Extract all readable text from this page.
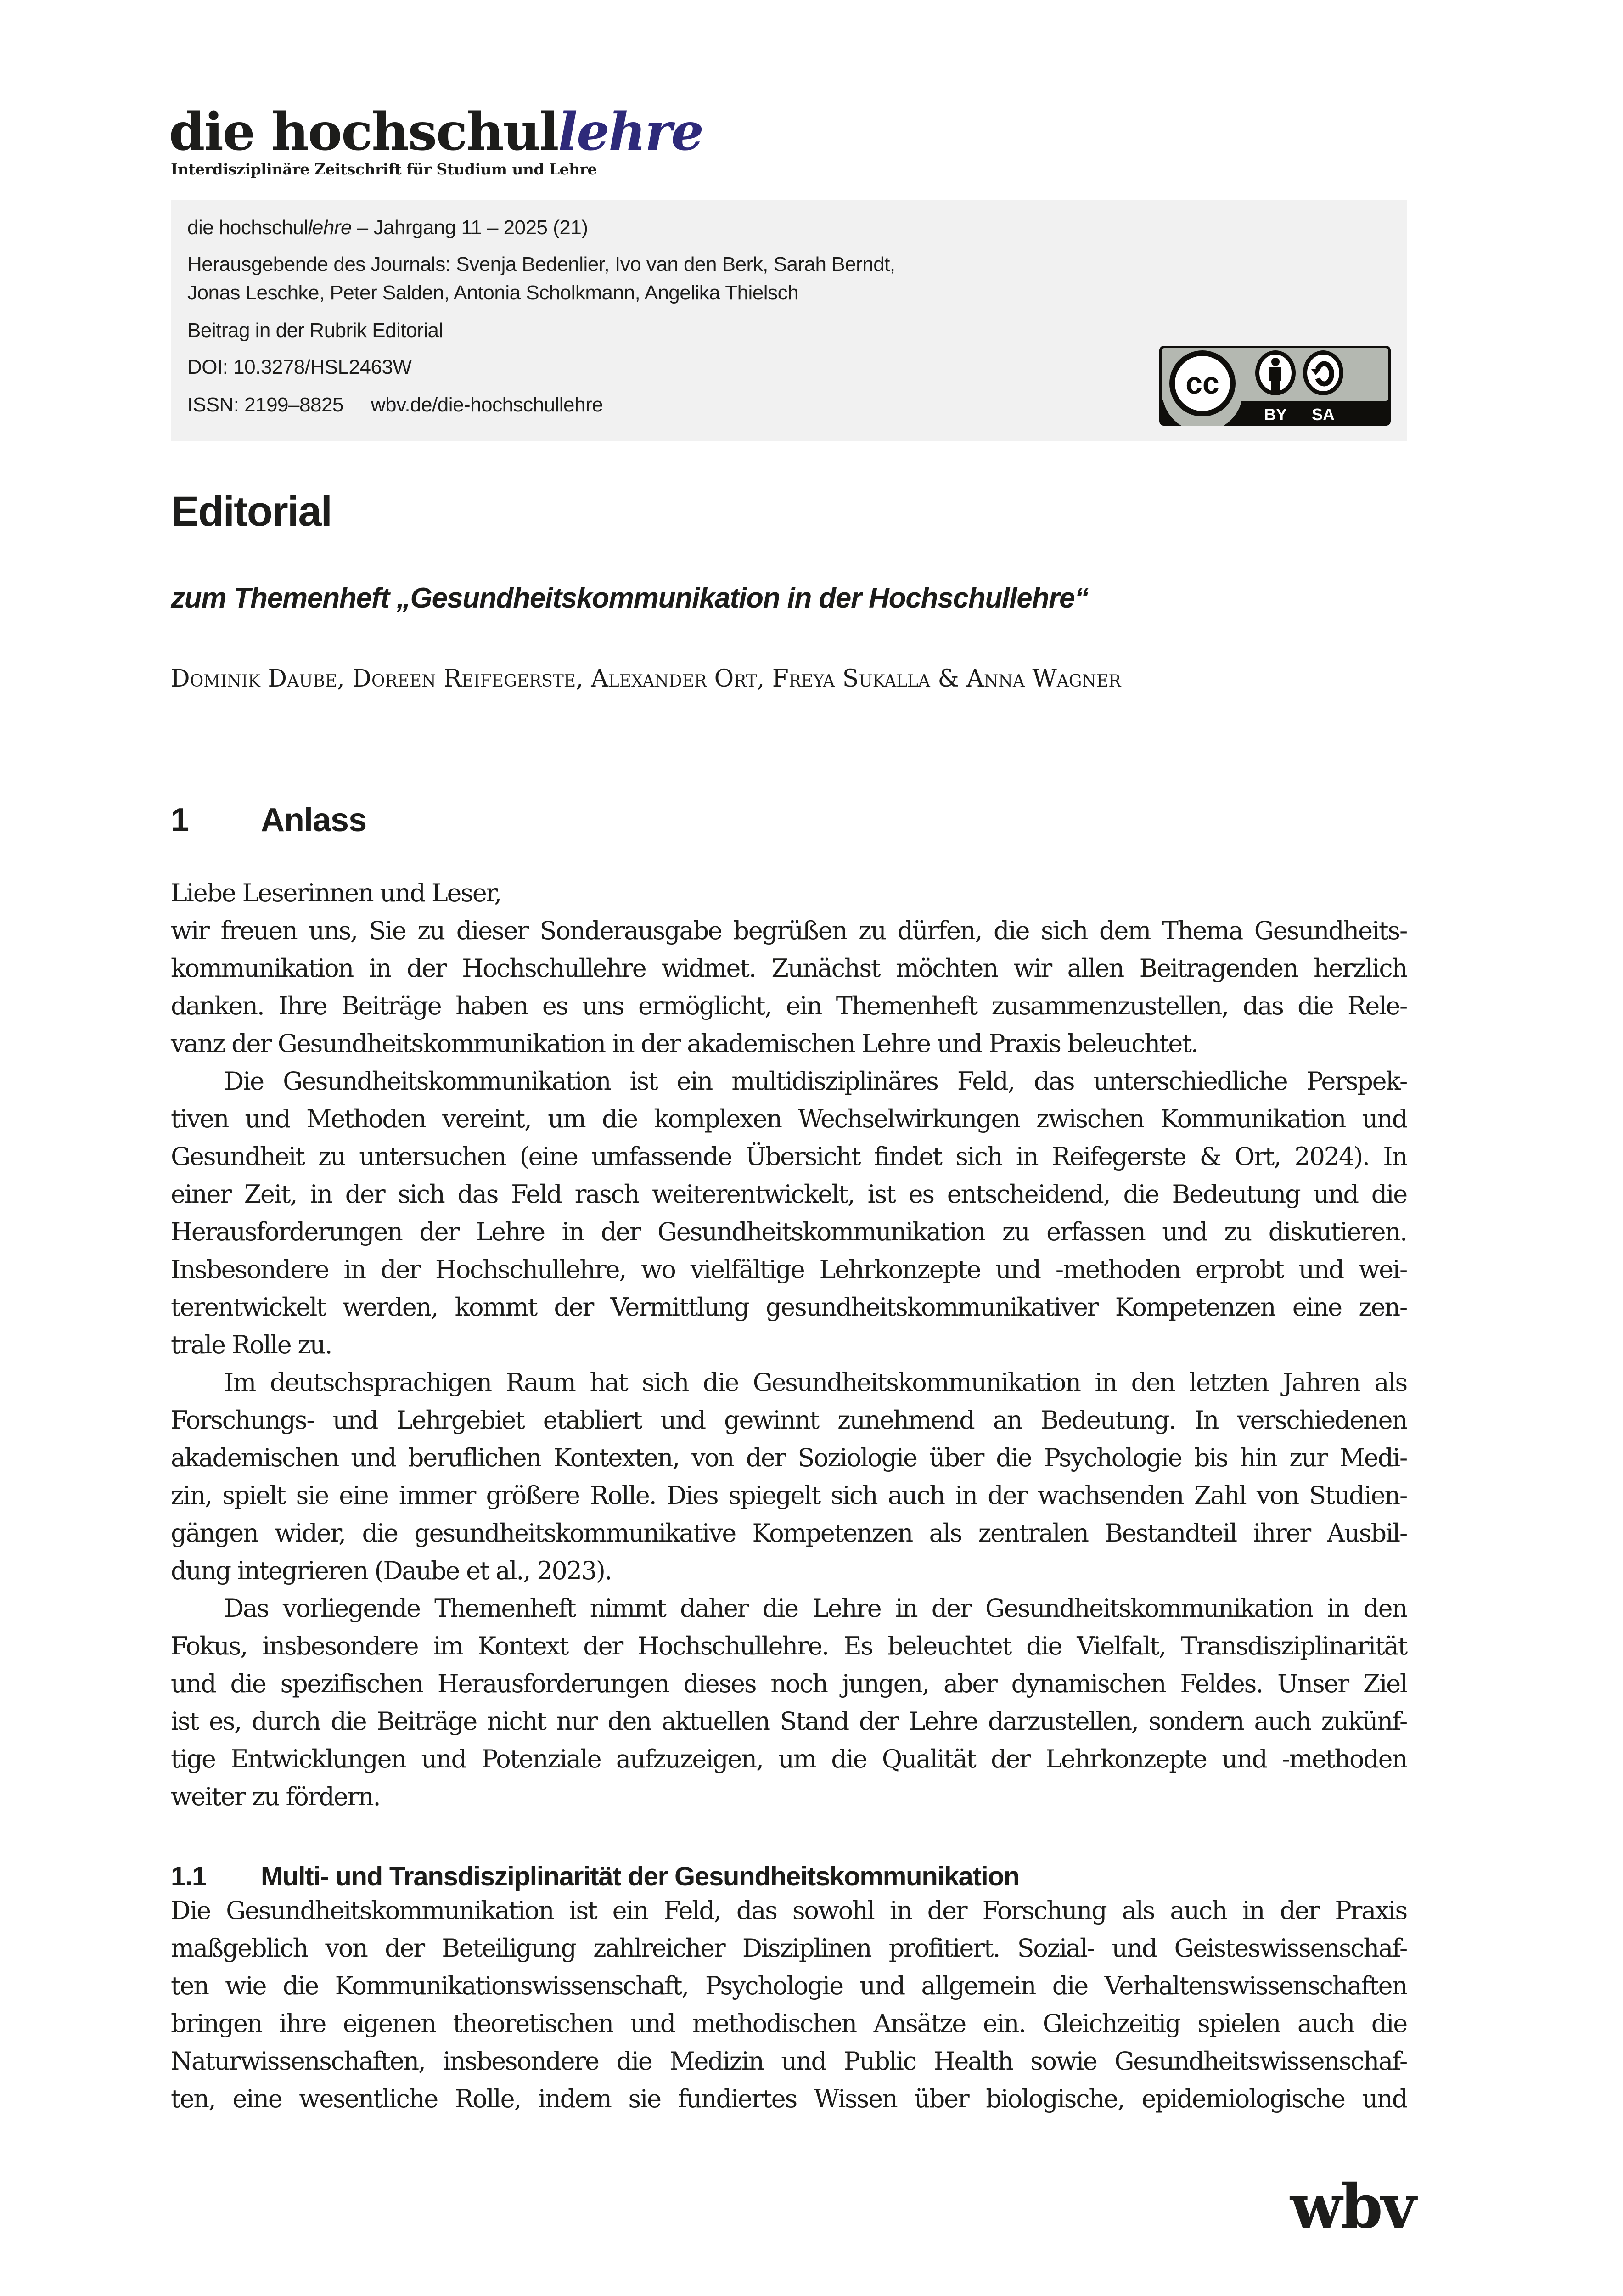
die hochschullehre
Interdisziplinäre Zeitschrift für Studium und Lehre
die hochschullehre – Jahrgang 11 – 2025 (21)
Herausgebende des Journals: Svenja Bedenlier, Ivo van den Berk, Sarah Berndt,
Jonas Leschke, Peter Salden, Antonia Scholkmann, Angelika Thielsch
Beitrag in der Rubrik Editorial
DOI: 10.3278/HSL2463W
ISSN: 2199–8825 wbv.de/die-hochschullehre
cc
BY SA
Editorial
zum Themenheft „Gesundheitskommunikation in der Hochschullehre“
Dominik Daube, Doreen Reifegerste, Alexander Ort, Freya Sukalla & Anna Wagner
1 Anlass
Liebe Leserinnen und Leser,
wir freuen uns, Sie zu dieser Sonderausgabe begrüßen zu dürfen, die sich dem Thema Gesundheits-
kommunikation in der Hochschullehre widmet. Zunächst möchten wir allen Beitragenden herzlich
danken. Ihre Beiträge haben es uns ermöglicht, ein Themenheft zusammenzustellen, das die Rele-
vanz der Gesundheitskommunikation in der akademischen Lehre und Praxis beleuchtet.
Die Gesundheitskommunikation ist ein multidisziplinäres Feld, das unterschiedliche Perspek-
tiven und Methoden vereint, um die komplexen Wechselwirkungen zwischen Kommunikation und
Gesundheit zu untersuchen (eine umfassende Übersicht findet sich in Reifegerste & Ort, 2024). In
einer Zeit, in der sich das Feld rasch weiterentwickelt, ist es entscheidend, die Bedeutung und die
Herausforderungen der Lehre in der Gesundheitskommunikation zu erfassen und zu diskutieren.
Insbesondere in der Hochschullehre, wo vielfältige Lehrkonzepte und -methoden erprobt und wei-
terentwickelt werden, kommt der Vermittlung gesundheitskommunikativer Kompetenzen eine zen-
trale Rolle zu.
Im deutschsprachigen Raum hat sich die Gesundheitskommunikation in den letzten Jahren als
Forschungs- und Lehrgebiet etabliert und gewinnt zunehmend an Bedeutung. In verschiedenen
akademischen und beruflichen Kontexten, von der Soziologie über die Psychologie bis hin zur Medi-
zin, spielt sie eine immer größere Rolle. Dies spiegelt sich auch in der wachsenden Zahl von Studien-
gängen wider, die gesundheitskommunikative Kompetenzen als zentralen Bestandteil ihrer Ausbil-
dung integrieren (Daube et al., 2023).
Das vorliegende Themenheft nimmt daher die Lehre in der Gesundheitskommunikation in den
Fokus, insbesondere im Kontext der Hochschullehre. Es beleuchtet die Vielfalt, Transdisziplinarität
und die spezifischen Herausforderungen dieses noch jungen, aber dynamischen Feldes. Unser Ziel
ist es, durch die Beiträge nicht nur den aktuellen Stand der Lehre darzustellen, sondern auch zukünf-
tige Entwicklungen und Potenziale aufzuzeigen, um die Qualität der Lehrkonzepte und -methoden
weiter zu fördern.
1.1 Multi- und Transdisziplinarität der Gesundheitskommunikation
Die Gesundheitskommunikation ist ein Feld, das sowohl in der Forschung als auch in der Praxis
maßgeblich von der Beteiligung zahlreicher Disziplinen profitiert. Sozial- und Geisteswissenschaf-
ten wie die Kommunikationswissenschaft, Psychologie und allgemein die Verhaltenswissenschaften
bringen ihre eigenen theoretischen und methodischen Ansätze ein. Gleichzeitig spielen auch die
Naturwissenschaften, insbesondere die Medizin und Public Health sowie Gesundheitswissenschaf-
ten, eine wesentliche Rolle, indem sie fundiertes Wissen über biologische, epidemiologische und
wbv
